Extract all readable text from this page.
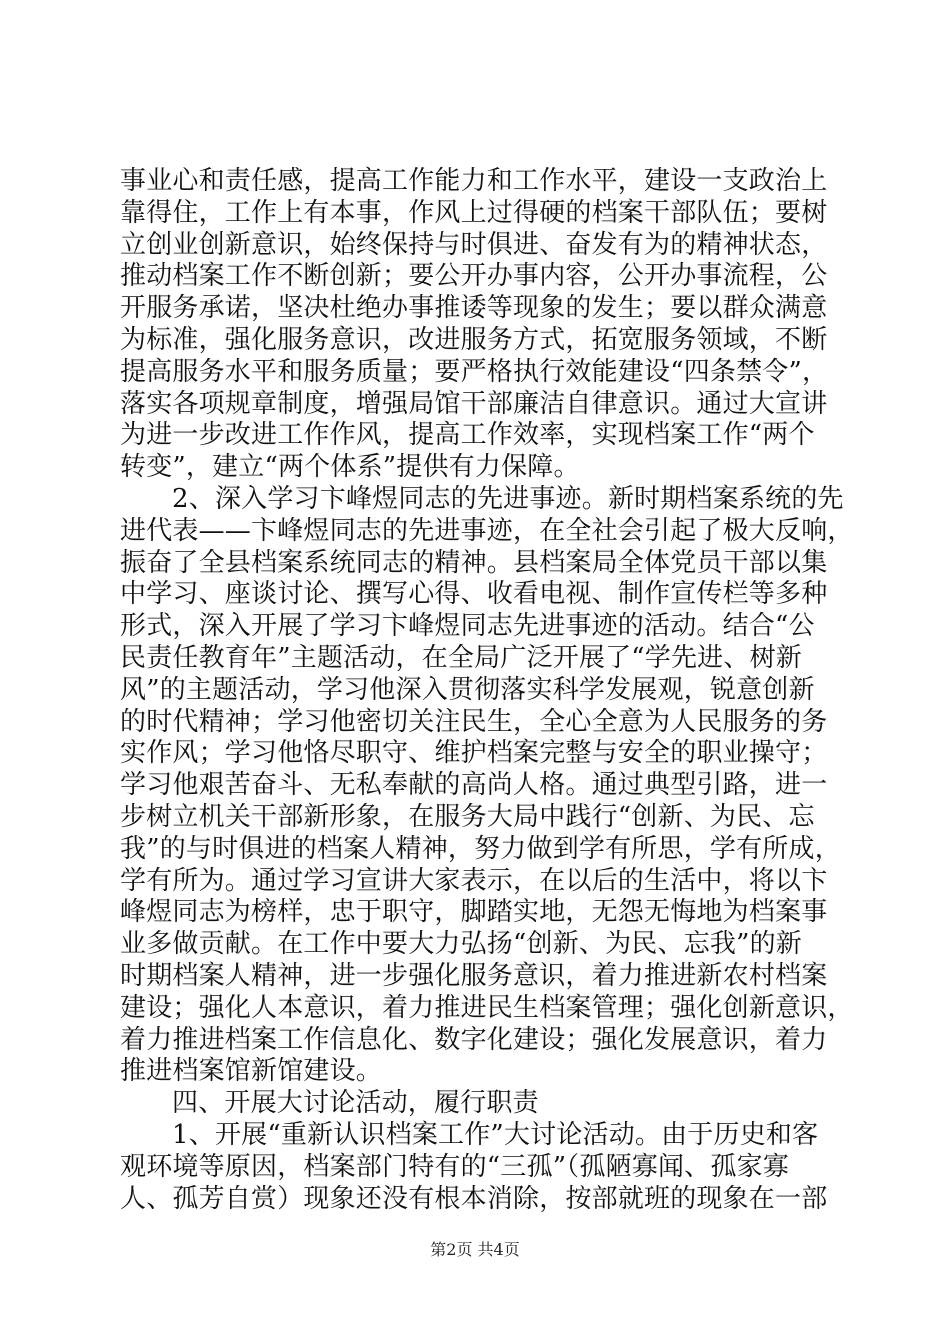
事业心和责任感，提高工作能力和工作水平，建设一支政治上
靠得住，工作上有本事，作风上过得硬的档案干部队伍；要树
立创业创新意识，始终保持与时俱进、奋发有为的精神状态，
推动档案工作不断创新；要公开办事内容，公开办事流程，公
开服务承诺，坚决杜绝办事推诿等现象的发生；要以群众满意
为标准，强化服务意识，改进服务方式，拓宽服务领域，不断
提高服务水平和服务质量；要严格执行效能建设“四条禁令”，
落实各项规章制度，增强局馆干部廉洁自律意识。通过大宣讲
为进一步改进工作作风，提高工作效率，实现档案工作“两个
转变”，建立“两个体系”提供有力保障。
2、深入学习卞峰煜同志的先进事迹。新时期档案系统的先
进代表——卞峰煜同志的先进事迹，在全社会引起了极大反响，
振奋了全县档案系统同志的精神。县档案局全体党员干部以集
中学习、座谈讨论、撰写心得、收看电视、制作宣传栏等多种
形式，深入开展了学习卞峰煜同志先进事迹的活动。结合“公
民责任教育年”主题活动，在全局广泛开展了“学先进、树新
风”的主题活动，学习他深入贯彻落实科学发展观，锐意创新
的时代精神；学习他密切关注民生，全心全意为人民服务的务
实作风；学习他恪尽职守、维护档案完整与安全的职业操守；
学习他艰苦奋斗、无私奉献的高尚人格。通过典型引路，进一
步树立机关干部新形象，在服务大局中践行“创新、为民、忘
我”的与时俱进的档案人精神，努力做到学有所思，学有所成，
学有所为。通过学习宣讲大家表示，在以后的生活中，将以卞
峰煜同志为榜样，忠于职守，脚踏实地，无怨无悔地为档案事
业多做贡献。在工作中要大力弘扬“创新、为民、忘我”的新
时期档案人精神，进一步强化服务意识，着力推进新农村档案
建设；强化人本意识，着力推进民生档案管理；强化创新意识，
着力推进档案工作信息化、数字化建设；强化发展意识，着力
推进档案馆新馆建设。
四、开展大讨论活动，履行职责
1、开展“重新认识档案工作”大讨论活动。由于历史和客
观环境等原因，档案部门特有的“三孤”（孤陋寡闻、孤家寡
人、孤芳自赏）现象还没有根本消除，按部就班的现象在一部
第2页 共4页
